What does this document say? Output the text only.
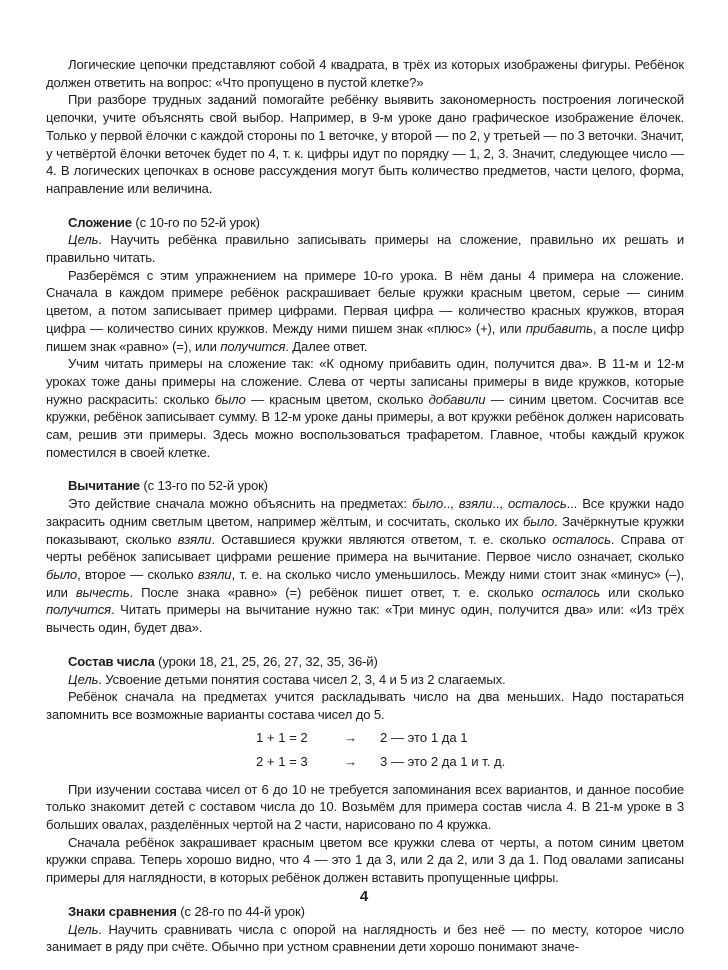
Логические цепочки представляют собой 4 квадрата, в трёх из которых изображены фигуры. Ребёнок должен ответить на вопрос: «Что пропущено в пустой клетке?»

При разборе трудных заданий помогайте ребёнку выявить закономерность построения логической цепочки, учите объяснять свой выбор. Например, в 9-м уроке дано графическое изображение ёлочек. Только у первой ёлочки с каждой стороны по 1 веточке, у второй — по 2, у третьей — по 3 веточки. Значит, у четвёртой ёлочки веточек будет по 4, т. к. цифры идут по порядку — 1, 2, 3. Значит, следующее число — 4. В логических цепочках в основе рассуждения могут быть количество предметов, части целого, форма, направление или величина.

Сложение (с 10-го по 52-й урок)

Цель. Научить ребёнка правильно записывать примеры на сложение, правильно их решать и правильно читать.

Разберёмся с этим упражнением на примере 10-го урока. В нём даны 4 примера на сложение. Сначала в каждом примере ребёнок раскрашивает белые кружки красным цветом, серые — синим цветом, а потом записывает пример цифрами. Первая цифра — количество красных кружков, вторая цифра — количество синих кружков. Между ними пишем знак «плюс» (+), или прибавить, а после цифр пишем знак «равно» (=), или получится. Далее ответ.

Учим читать примеры на сложение так: «К одному прибавить один, получится два». В 11-м и 12-м уроках тоже даны примеры на сложение. Слева от черты записаны примеры в виде кружков, которые нужно раскрасить: сколько было — красным цветом, сколько добавили — синим цветом. Сосчитав все кружки, ребёнок записывает сумму. В 12-м уроке даны примеры, а вот кружки ребёнок должен нарисовать сам, решив эти примеры. Здесь можно воспользоваться трафаретом. Главное, чтобы каждый кружок поместился в своей клетке.

Вычитание (с 13-го по 52-й урок)

Это действие сначала можно объяснить на предметах: было.., взяли.., осталось... Все кружки надо закрасить одним светлым цветом, например жёлтым, и сосчитать, сколько их было. Зачёркнутые кружки показывают, сколько взяли. Оставшиеся кружки являются ответом, т. е. сколько осталось. Справа от черты ребёнок записывает цифрами решение примера на вычитание. Первое число означает, сколько было, второе — сколько взяли, т. е. на сколько число уменьшилось. Между ними стоит знак «минус» (–), или вычесть. После знака «равно» (=) ребёнок пишет ответ, т. е. сколько осталось или сколько получится. Читать примеры на вычитание нужно так: «Три минус один, получится два» или: «Из трёх вычесть один, будет два».

Состав числа (уроки 18, 21, 25, 26, 27, 32, 35, 36-й)

Цель. Усвоение детьми понятия состава чисел 2, 3, 4 и 5 из 2 слагаемых.

Ребёнок сначала на предметах учится раскладывать число на два меньших. Надо постараться запомнить все возможные варианты состава чисел до 5.

1 + 1 = 2	→	2 — это 1 да 1
2 + 1 = 3	→	3 — это 2 да 1 и т. д.

При изучении состава чисел от 6 до 10 не требуется запоминания всех вариантов, и данное пособие только знакомит детей с составом числа до 10. Возьмём для примера состав числа 4. В 21-м уроке в 3 больших овалах, разделённых чертой на 2 части, нарисовано по 4 кружка.

Сначала ребёнок закрашивает красным цветом все кружки слева от черты, а потом синим цветом кружки справа. Теперь хорошо видно, что 4 — это 1 да 3, или 2 да 2, или 3 да 1. Под овалами записаны примеры для наглядности, в которых ребёнок должен вставить пропущенные цифры.

Знаки сравнения (с 28-го по 44-й урок)

Цель. Научить сравнивать числа с опорой на наглядность и без неё — по месту, которое число занимает в ряду при счёте. Обычно при устном сравнении дети хорошо понимают значе-

4
